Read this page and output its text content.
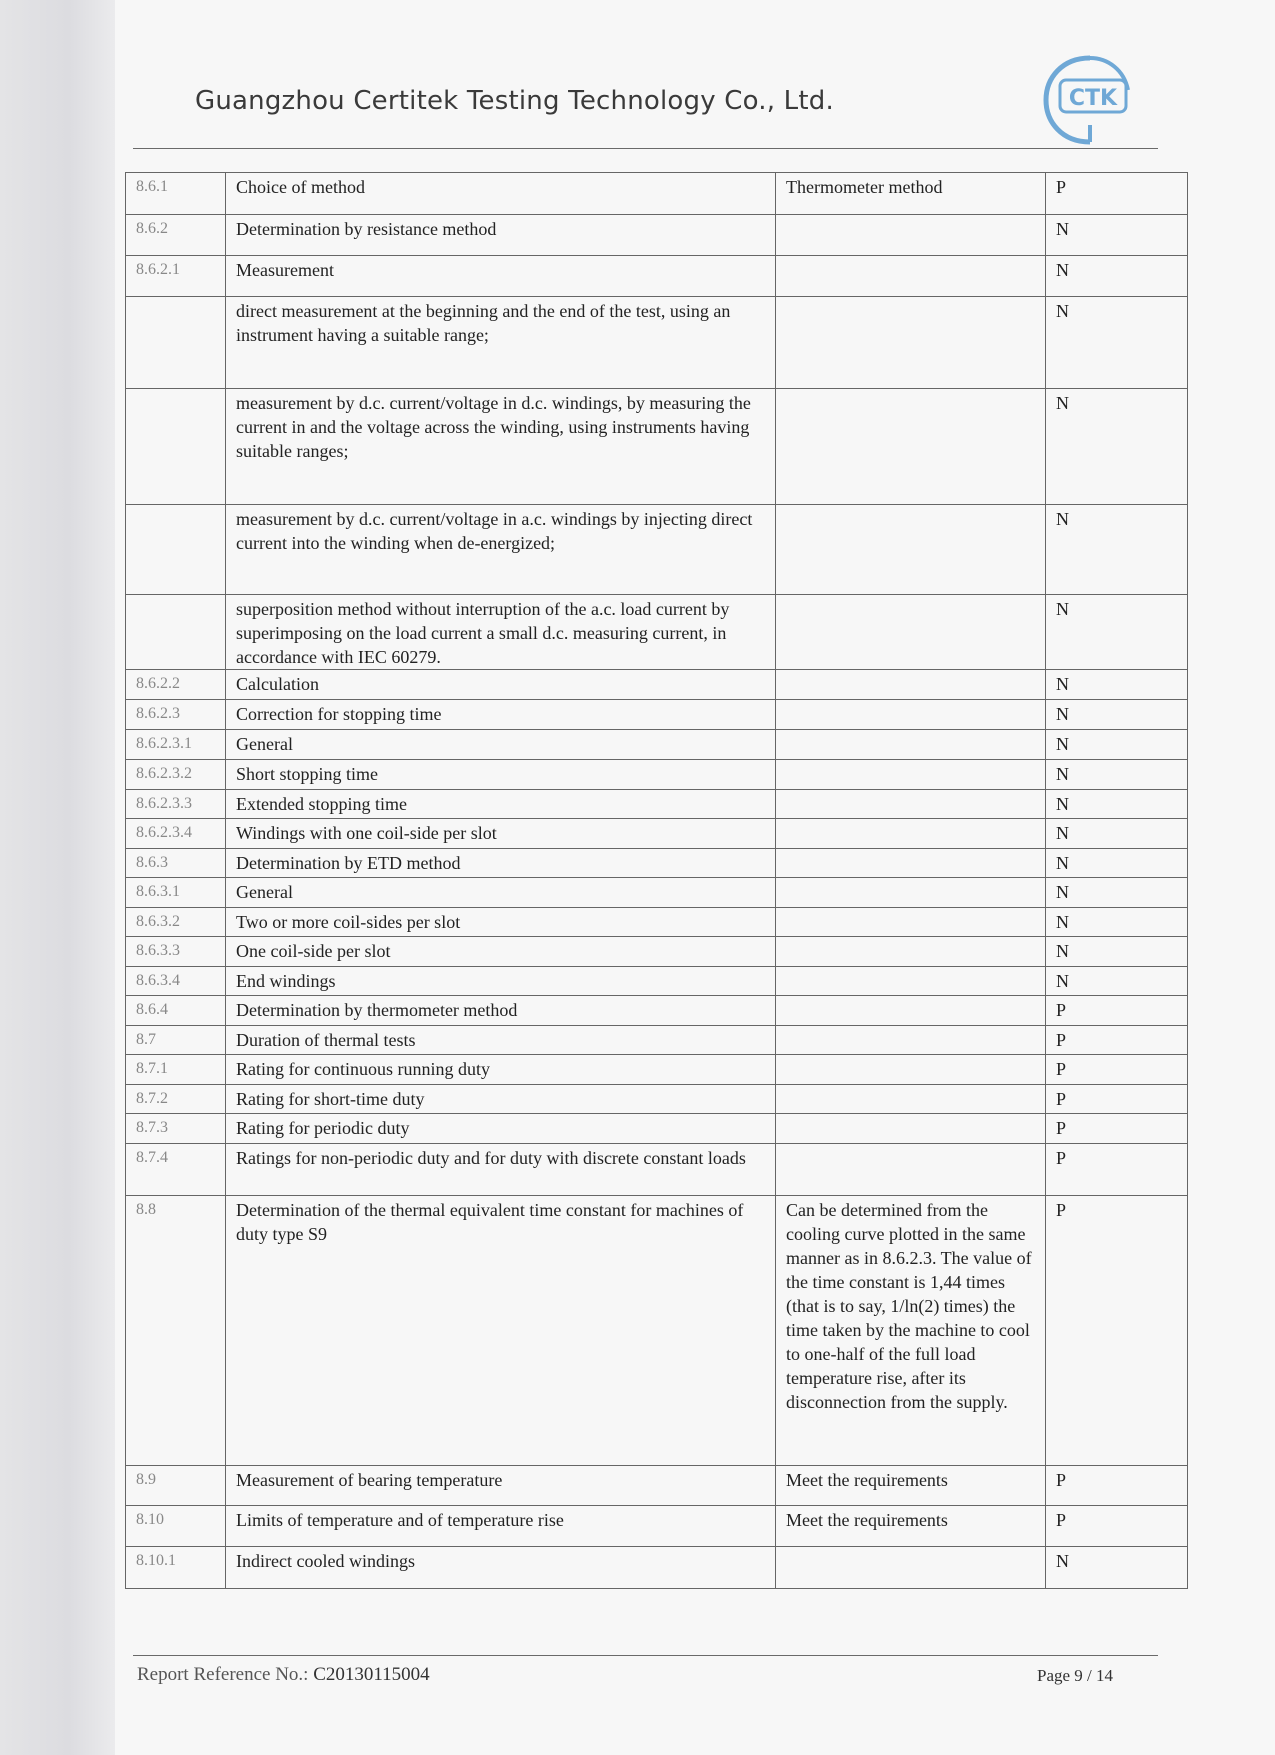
Guangzhou Certitek Testing Technology Co., Ltd.	CTK
8.6.1	Choice of method	Thermometer method	P
8.6.2	Determination by resistance method		N
8.6.2.1	Measurement		N
	direct measurement at the beginning and the end of the test, using an instrument having a suitable range;		N
	measurement by d.c. current/voltage in d.c. windings, by measuring the current in and the voltage across the winding, using instruments having suitable ranges;		N
	measurement by d.c. current/voltage in a.c. windings by injecting direct current into the winding when de-energized;		N
	superposition method without interruption of the a.c. load current by superimposing on the load current a small d.c. measuring current, in accordance with IEC 60279.		N
8.6.2.2	Calculation		N
8.6.2.3	Correction for stopping time		N
8.6.2.3.1	General		N
8.6.2.3.2	Short stopping time		N
8.6.2.3.3	Extended stopping time		N
8.6.2.3.4	Windings with one coil-side per slot		N
8.6.3	Determination by ETD method		N
8.6.3.1	General		N
8.6.3.2	Two or more coil-sides per slot		N
8.6.3.3	One coil-side per slot		N
8.6.3.4	End windings		N
8.6.4	Determination by thermometer method		P
8.7	Duration of thermal tests		P
8.7.1	Rating for continuous running duty		P
8.7.2	Rating for short-time duty		P
8.7.3	Rating for periodic duty		P
8.7.4	Ratings for non-periodic duty and for duty with discrete constant loads		P
8.8	Determination of the thermal equivalent time constant for machines of duty type S9	Can be determined from the cooling curve plotted in the same manner as in 8.6.2.3. The value of the time constant is 1,44 times (that is to say, 1/ln(2) times) the time taken by the machine to cool to one-half of the full load temperature rise, after its disconnection from the supply.	P
8.9	Measurement of bearing temperature	Meet the requirements	P
8.10	Limits of temperature and of temperature rise	Meet the requirements	P
8.10.1	Indirect cooled windings		N
Report Reference No.: C20130115004	Page 9 / 14
